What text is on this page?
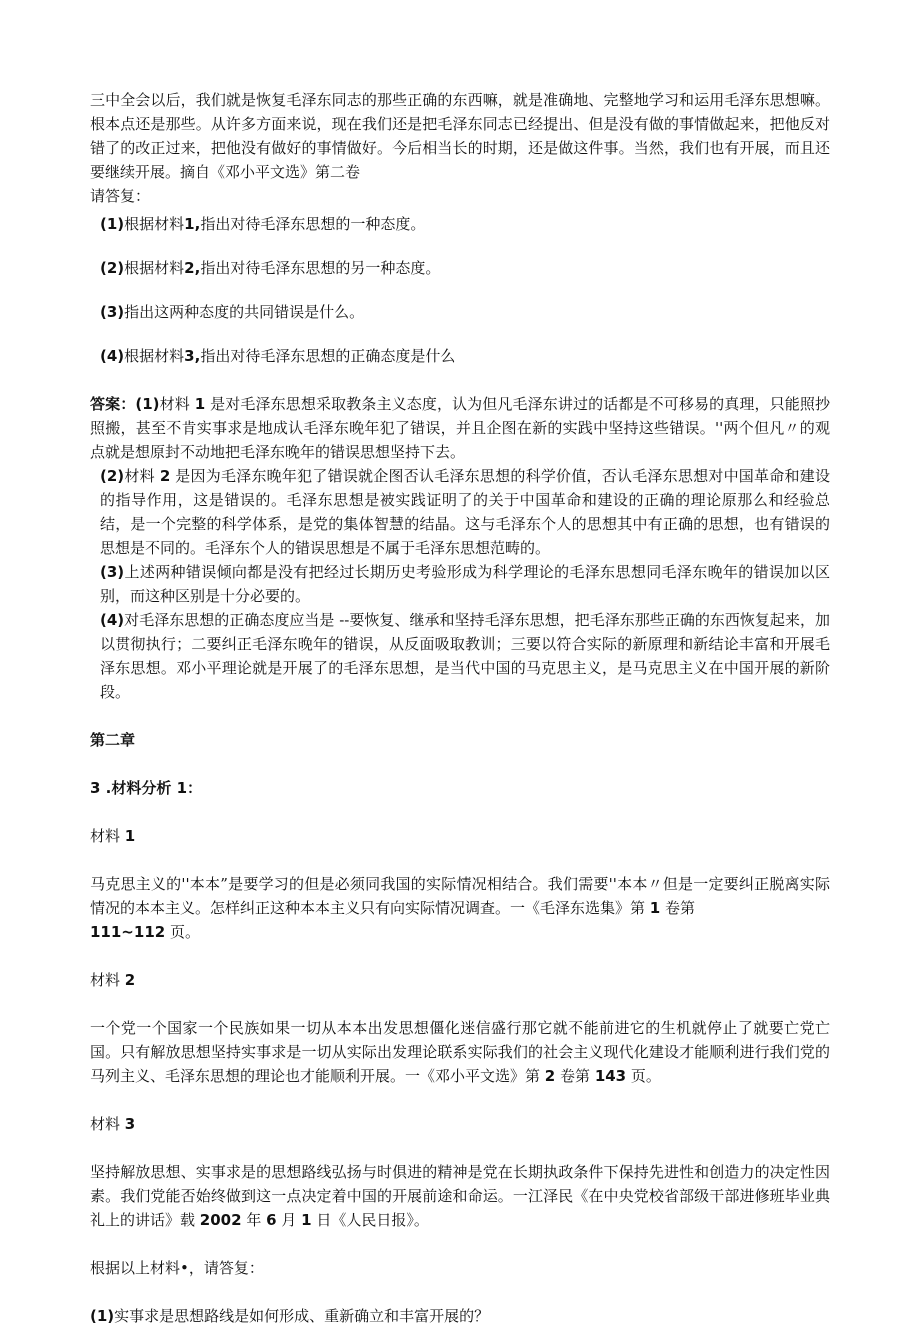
三中全会以后，我们就是恢复毛泽东同志的那些正确的东西嘛，就是准确地、完整地学习和运用毛泽东思想嘛。根本点还是那些。从许多方面来说，现在我们还是把毛泽东同志已经提出、但是没有做的事情做起来，把他反对错了的改正过来，把他没有做好的事情做好。今后相当长的时期，还是做这件事。当然，我们也有开展，而且还要继续开展。摘自《邓小平文选》第二卷

请答复：

(1)根据材料1,指出对待毛泽东思想的一种态度。

(2)根据材料2,指出对待毛泽东思想的另一种态度。

(3)指出这两种态度的共同错误是什么。

(4)根据材料3,指出对待毛泽东思想的正确态度是什么

答案：(1)材料 1 是对毛泽东思想采取教条主义态度，认为但凡毛泽东讲过的话都是不可移易的真理，只能照抄照搬，甚至不肯实事求是地成认毛泽东晚年犯了错误，并且企图在新的实践中坚持这些错误。''两个但凡〃的观点就是想原封不动地把毛泽东晚年的错误思想坚持下去。

(2)材料 2 是因为毛泽东晚年犯了错误就企图否认毛泽东思想的科学价值，否认毛泽东思想对中国革命和建设的指导作用，这是错误的。毛泽东思想是被实践证明了的关于中国革命和建设的正确的理论原那么和经验总结，是一个完整的科学体系，是党的集体智慧的结晶。这与毛泽东个人的思想其中有正确的思想，也有错误的思想是不同的。毛泽东个人的错误思想是不属于毛泽东思想范畴的。

(3)上述两种错误倾向都是没有把经过长期历史考验形成为科学理论的毛泽东思想同毛泽东晚年的错误加以区别，而这种区别是十分必要的。

(4)对毛泽东思想的正确态度应当是 --要恢复、继承和坚持毛泽东思想，把毛泽东那些正确的东西恢复起来，加以贯彻执行；二要纠正毛泽东晚年的错误，从反面吸取教训；三要以符合实际的新原理和新结论丰富和开展毛泽东思想。邓小平理论就是开展了的毛泽东思想，是当代中国的马克思主义，是马克思主义在中国开展的新阶段。

第二章

3 .材料分析 1：

材料 1

马克思主义的''本本”是要学习的但是必须同我国的实际情况相结合。我们需要''本本〃但是一定要纠正脱离实际情况的本本主义。怎样纠正这种本本主义只有向实际情况调查。一《毛泽东选集》第 1 卷第
111~112 页。

材料 2

一个党一个国家一个民族如果一切从本本出发思想僵化迷信盛行那它就不能前进它的生机就停止了就要亡党亡国。只有解放思想坚持实事求是一切从实际出发理论联系实际我们的社会主义现代化建设才能顺利进行我们党的马列主义、毛泽东思想的理论也才能顺利开展。一《邓小平文选》第 2 卷第 143 页。

材料 3

坚持解放思想、实事求是的思想路线弘扬与时俱进的精神是党在长期执政条件下保持先进性和创造力的决定性因素。我们党能否始终做到这一点决定着中国的开展前途和命运。一江泽民《在中央党校省部级干部进修班毕业典礼上的讲话》载 2002 年 6 月 1 日《人民日报》。

根据以上材料•，请答复：

(1)实事求是思想路线是如何形成、重新确立和丰富开展的？
